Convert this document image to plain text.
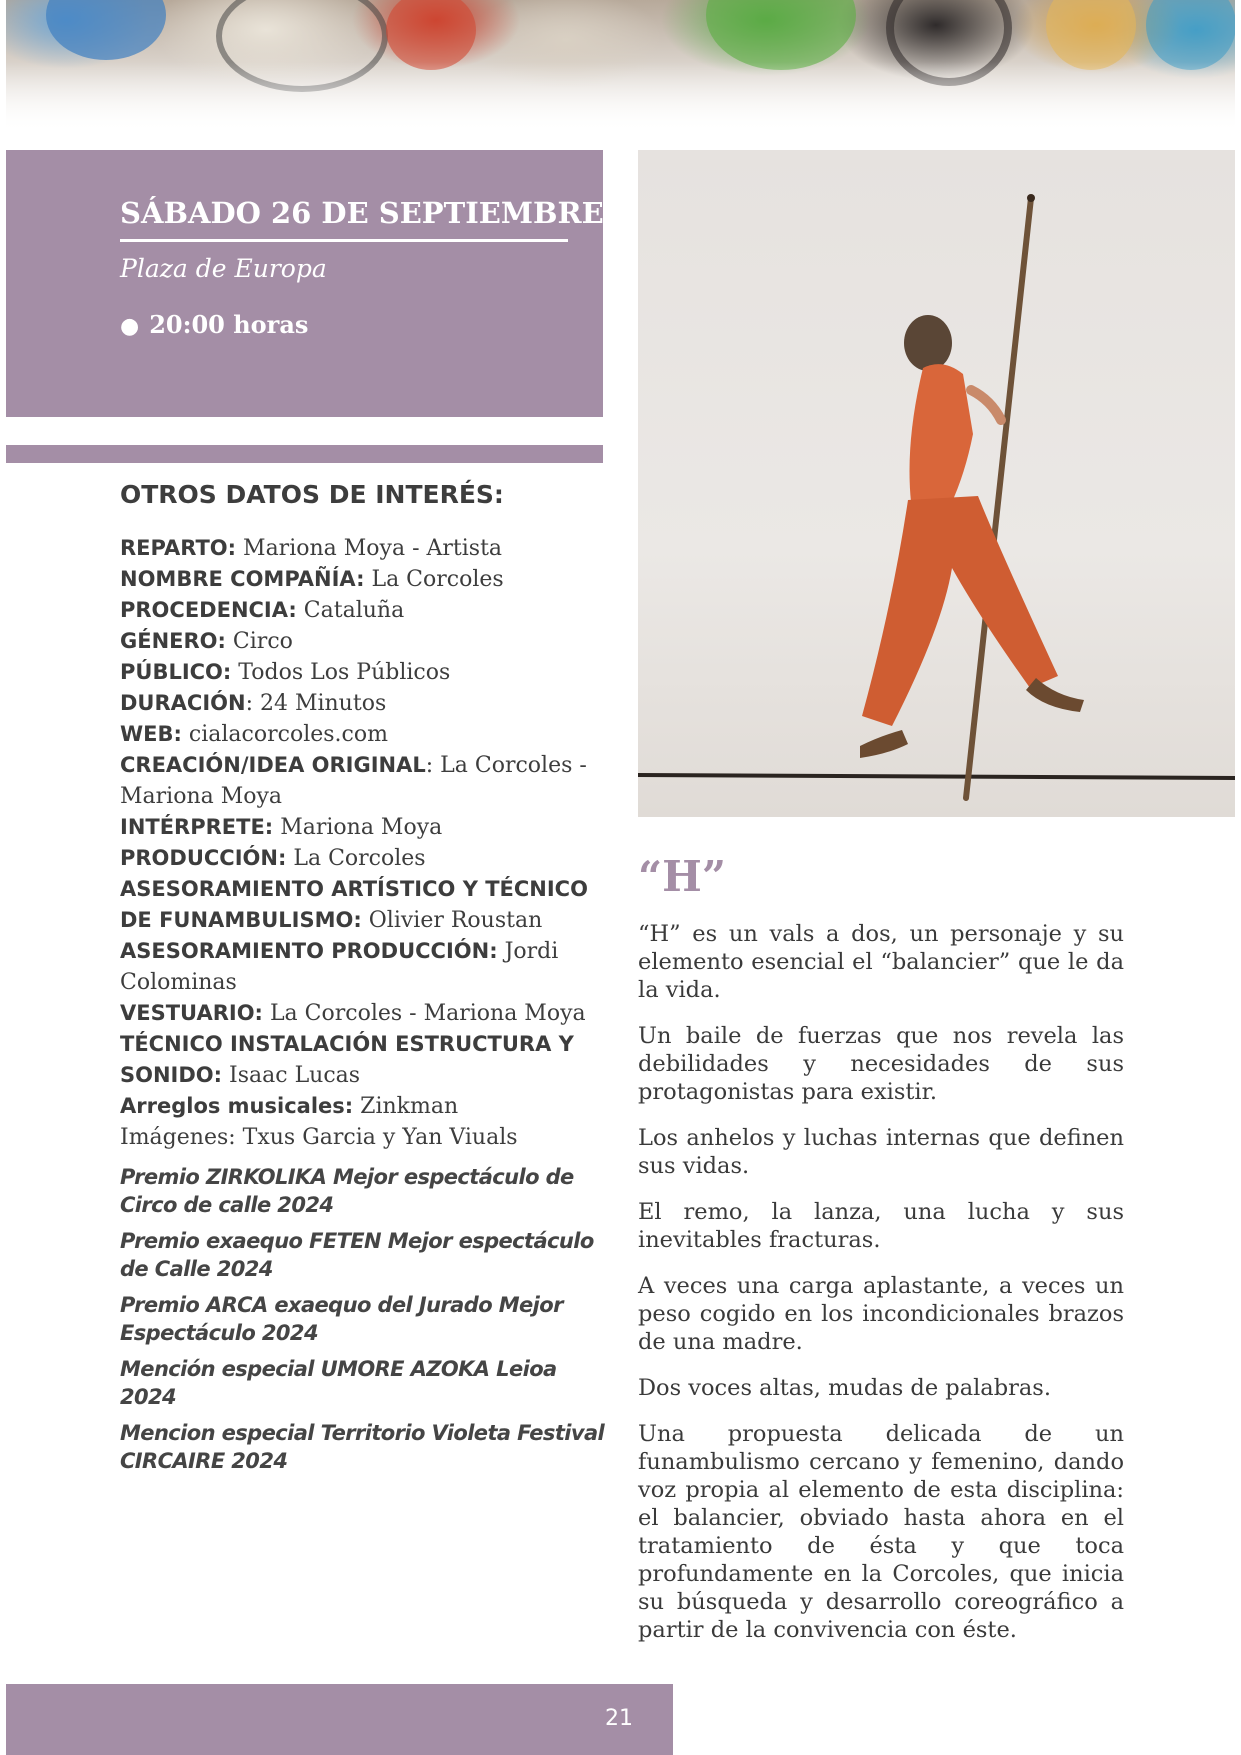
SÁBADO 26 DE SEPTIEMBRE
Plaza de Europa
● 20:00 horas
OTROS DATOS DE INTERÉS:
REPARTO: Mariona Moya - Artista
NOMBRE COMPAÑÍA: La Corcoles
PROCEDENCIA: Cataluña
GÉNERO: Circo
PÚBLICO: Todos Los Públicos
DURACIÓN: 24 Minutos
WEB: cialacorcoles.com
CREACIÓN/IDEA ORIGINAL: La Corcoles - Mariona Moya
INTÉRPRETE: Mariona Moya
PRODUCCIÓN: La Corcoles
ASESORAMIENTO ARTÍSTICO Y TÉCNICO DE FUNAMBULISMO: Olivier Roustan
ASESORAMIENTO PRODUCCIÓN: Jordi Colominas
VESTUARIO: La Corcoles - Mariona Moya
TÉCNICO INSTALACIÓN ESTRUCTURA Y SONIDO: Isaac Lucas
Arreglos musicales: Zinkman
Imágenes: Txus Garcia y Yan Viuals
Premio ZIRKOLIKA Mejor espectáculo de Circo de calle 2024
Premio exaequo FETEN Mejor espectáculo de Calle 2024
Premio ARCA exaequo del Jurado Mejor Espectáculo 2024
Mención especial UMORE AZOKA Leioa 2024
Mencion especial Territorio Violeta Festival CIRCAIRE 2024
“H”

“H” es un vals a dos, un personaje y su elemento esencial el “balancier” que le da la vida.

Un baile de fuerzas que nos revela las debilidades y necesidades de sus protagonistas para existir.

Los anhelos y luchas internas que definen sus vidas.

El remo, la lanza, una lucha y sus inevitables fracturas.

A veces una carga aplastante, a veces un peso cogido en los incondicionales brazos de una madre.

Dos voces altas, mudas de palabras.

Una propuesta delicada de un funambulismo cercano y femenino, dando voz propia al elemento de esta disciplina: el balancier, obviado hasta ahora en el tratamiento de ésta y que toca profundamente en la Corcoles, que inicia su búsqueda y desarrollo coreográfico a partir de la convivencia con éste.

21
